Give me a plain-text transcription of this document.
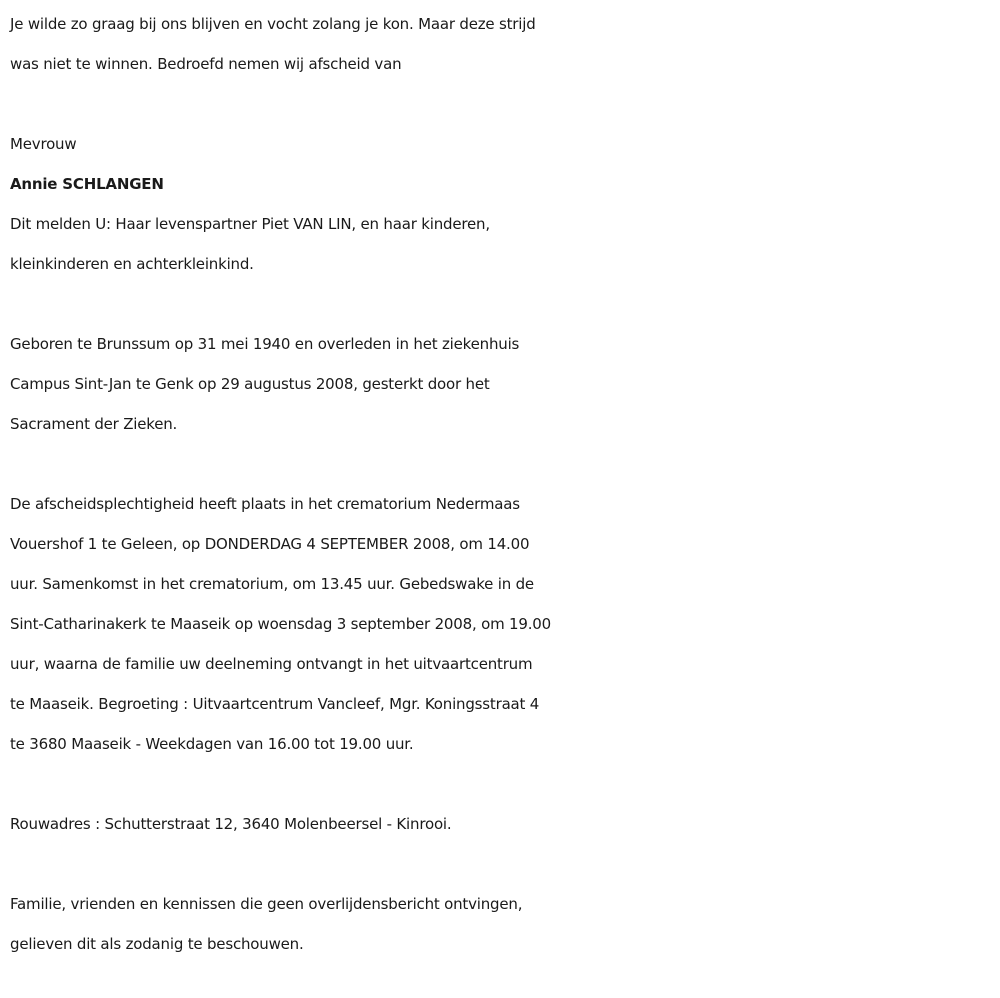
Je wilde zo graag bij ons blijven en vocht zolang je kon. Maar deze strijd
was niet te winnen. Bedroefd nemen wij afscheid van
Mevrouw
Annie SCHLANGEN
Dit melden U: Haar levenspartner Piet VAN LIN, en haar kinderen,
kleinkinderen en achterkleinkind.
Geboren te Brunssum op 31 mei 1940 en overleden in het ziekenhuis
Campus Sint-Jan te Genk op 29 augustus 2008, gesterkt door het
Sacrament der Zieken.
De afscheidsplechtigheid heeft plaats in het crematorium Nedermaas
Vouershof 1 te Geleen, op DONDERDAG 4 SEPTEMBER 2008, om 14.00
uur. Samenkomst in het crematorium, om 13.45 uur. Gebedswake in de
Sint-Catharinakerk te Maaseik op woensdag 3 september 2008, om 19.00
uur, waarna de familie uw deelneming ontvangt in het uitvaartcentrum
te Maaseik. Begroeting : Uitvaartcentrum Vancleef, Mgr. Koningsstraat 4
te 3680 Maaseik - Weekdagen van 16.00 tot 19.00 uur.
Rouwadres : Schutterstraat 12, 3640 Molenbeersel - Kinrooi.
Familie, vrienden en kennissen die geen overlijdensbericht ontvingen,
gelieven dit als zodanig te beschouwen.
